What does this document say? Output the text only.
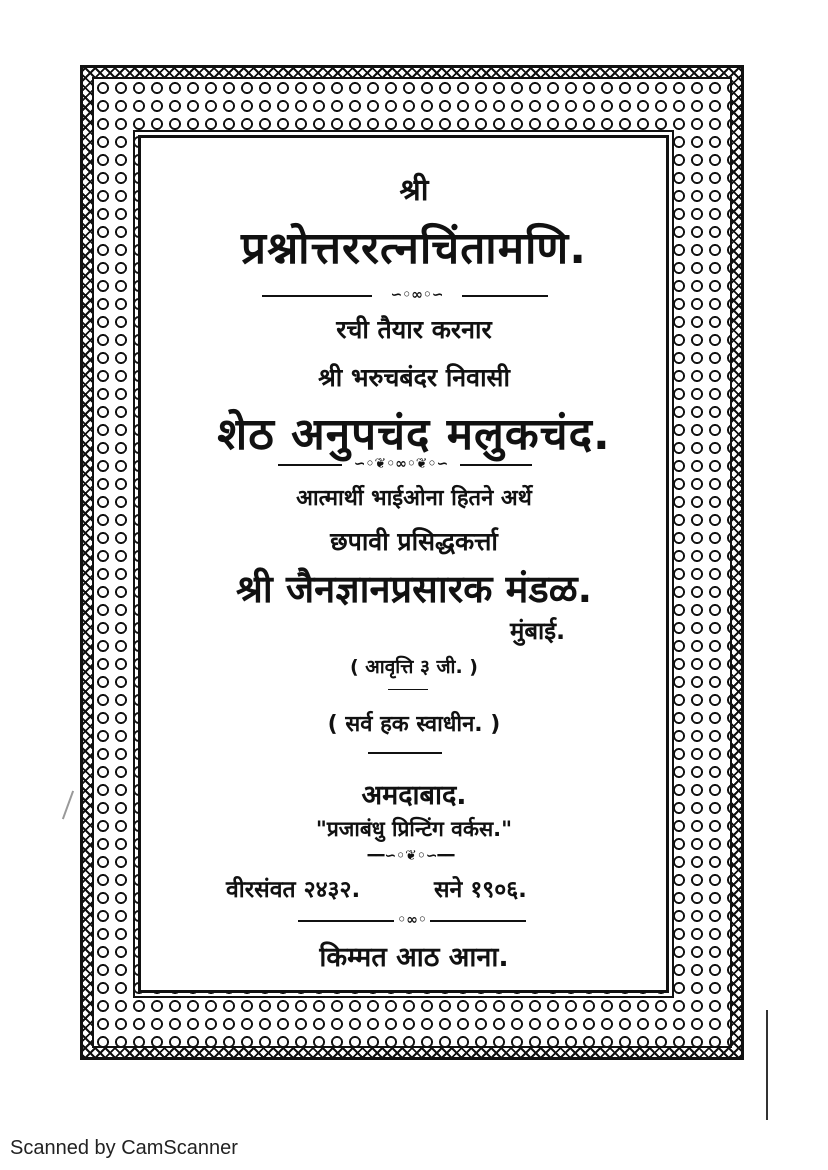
श्री
प्रश्नोत्तररत्नचिंतामणि.
∽◦∞◦∽
रची तैयार करनार
श्री भरुचबंदर निवासी
शेठ अनुपचंद मलुकचंद.
∽◦❦◦∞◦❦◦∽
आत्मार्थी भाईओना हितने अर्थे
छपावी प्रसिद्धकर्त्ता
श्री जैनज्ञानप्रसारक मंडळ.
मुंबाई.
( आवृत्ति ३ जी. )
( सर्व हक स्वाधीन. )
अमदाबाद.
"प्रजाबंधु प्रिन्टिंग वर्कस."
━━∽◦❦◦∽━━
वीरसंवत २४३२.	सने १९०६.
◦∞◦
किम्मत आठ आना.
Scanned by CamScanner
